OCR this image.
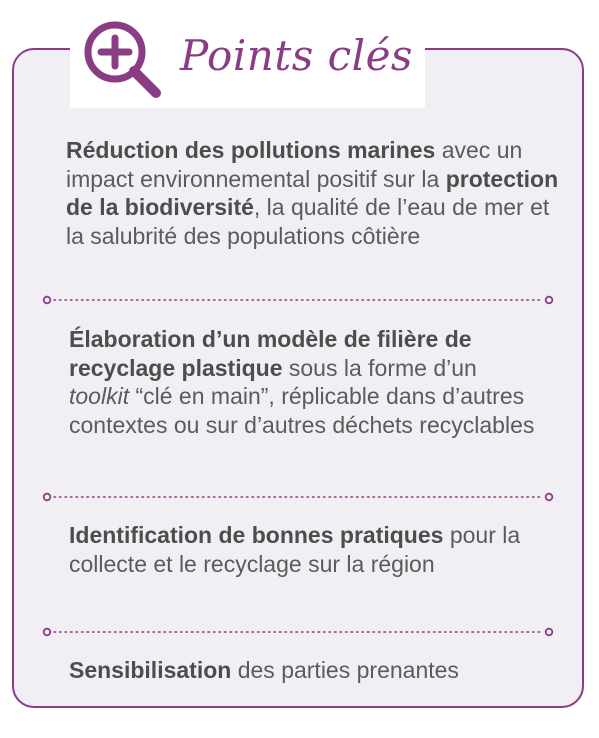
Points clés
Réduction des pollutions marines avec un impact environnemental positif sur la protection de la biodiversité, la qualité de l’eau de mer et la salubrité des populations côtière
Élaboration d’un modèle de filière de recyclage plastique sous la forme d’un toolkit “clé en main”, réplicable dans d’autres contextes ou sur d’autres déchets recyclables
Identification de bonnes pratiques pour la collecte et le recyclage sur la région
Sensibilisation des parties prenantes
